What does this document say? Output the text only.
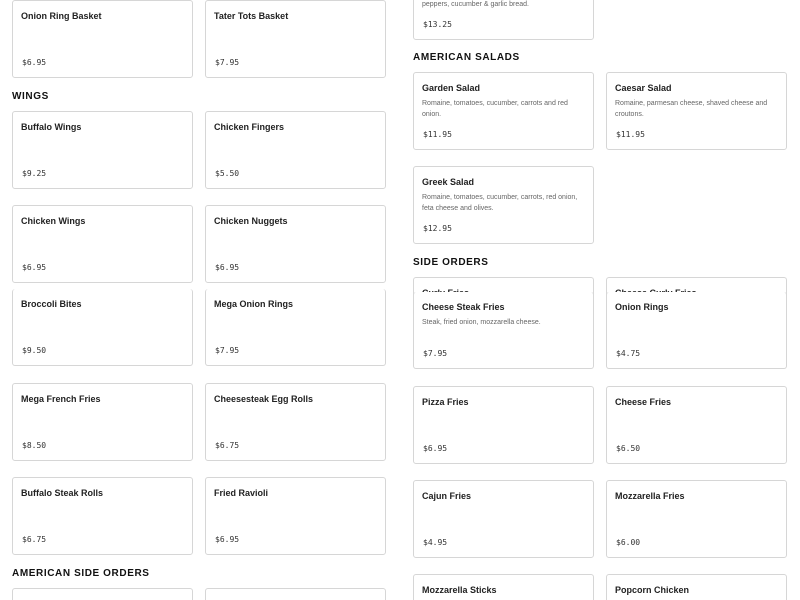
Onion Ring Basket
$6.95
Tater Tots Basket
$7.95
WINGS
Buffalo Wings
$9.25
Chicken Fingers
$5.50
Chicken Wings
$6.95
Chicken Nuggets
$6.95
Broccoli Bites
$9.50
Mega Onion Rings
$7.95
Mega French Fries
$8.50
Cheesesteak Egg Rolls
$6.75
Buffalo Steak Rolls
$6.75
Fried Ravioli
$6.95
AMERICAN SIDE ORDERS
peppers, cucumber & garlic bread.
$13.25
AMERICAN SALADS
Garden Salad
Romaine, tomatoes, cucumber, carrots and red onion.
$11.95
Caesar Salad
Romaine, parmesan cheese, shaved cheese and croutons.
$11.95
Greek Salad
Romaine, tomatoes, cucumber, carrots, red onion, feta cheese and olives.
$12.95
SIDE ORDERS
Cheese Steak Fries
Steak, fried onion, mozzarella cheese.
$7.95
Onion Rings
$4.75
Pizza Fries
$6.95
Cheese Fries
$6.50
Cajun Fries
$4.95
Mozzarella Fries
$6.00
Mozzarella Sticks	Popcorn Chicken
